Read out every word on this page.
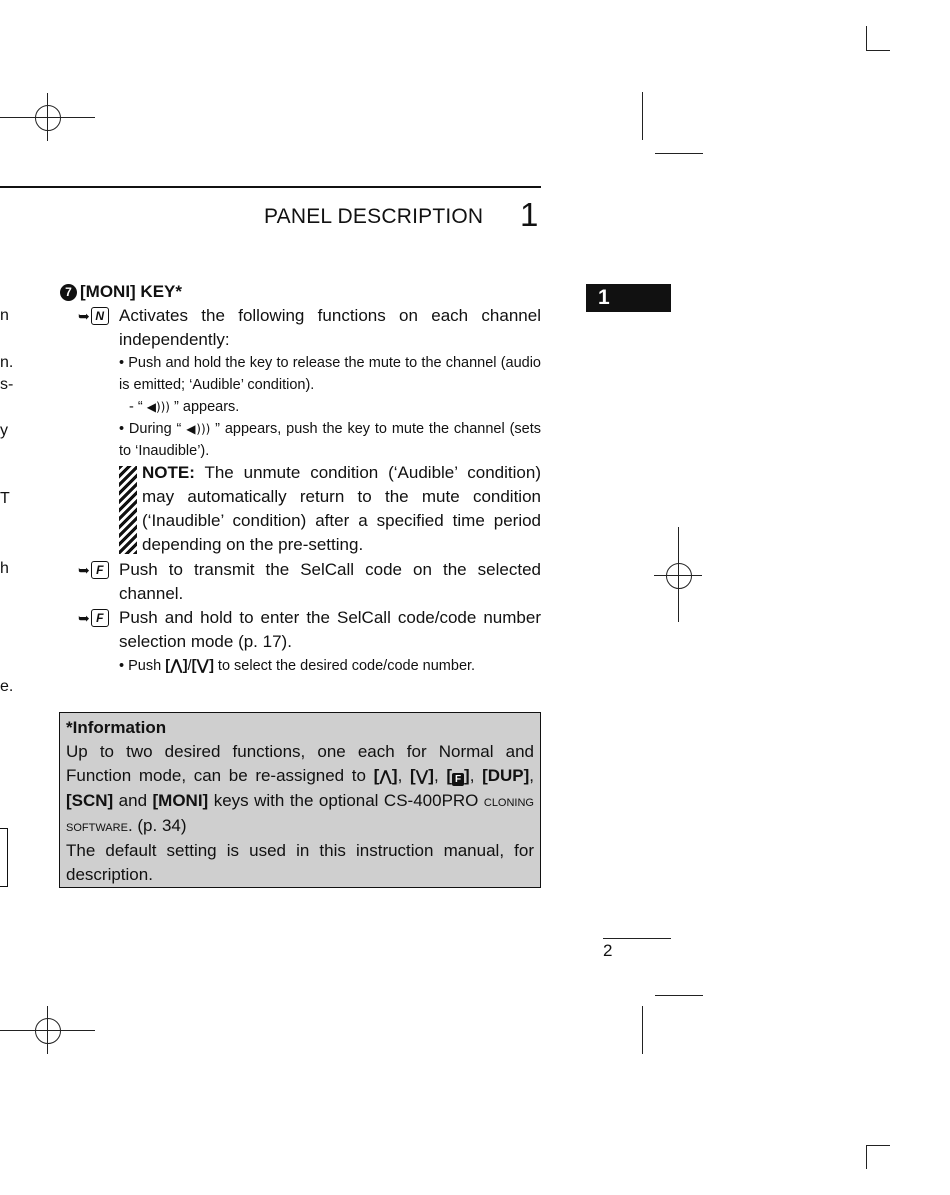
n
n.
s-
y
T
h
e.
PANEL DESCRIPTION 1
1
7 [MONI] KEY*
➥ N Activates the following functions on each channel independently:
• Push and hold the key to release the mute to the channel (audio is emitted; ‘Audible’ condition).
- “ ◀))) ” appears.
• During “ ◀))) ” appears, push the key to mute the channel (sets to ‘Inaudible’).
NOTE: The unmute condition (‘Audible’ condition) may automatically return to the mute condition (‘Inaudible’ condition) after a specified time period depending on the pre-setting.
➥ F Push to transmit the SelCall code on the selected channel.
➥ F Push and hold to enter the SelCall code/code number selection mode (p. 17).
• Push [⋀]/[⋁] to select the desired code/code number.
*Information
Up to two desired functions, one each for Normal and Function mode, can be re-assigned to [⋀], [⋁], [ F ], [DUP], [SCN] and [MONI] keys with the optional CS-400PRO cloning software. (p. 34)
The default setting is used in this instruction manual, for description.
2
